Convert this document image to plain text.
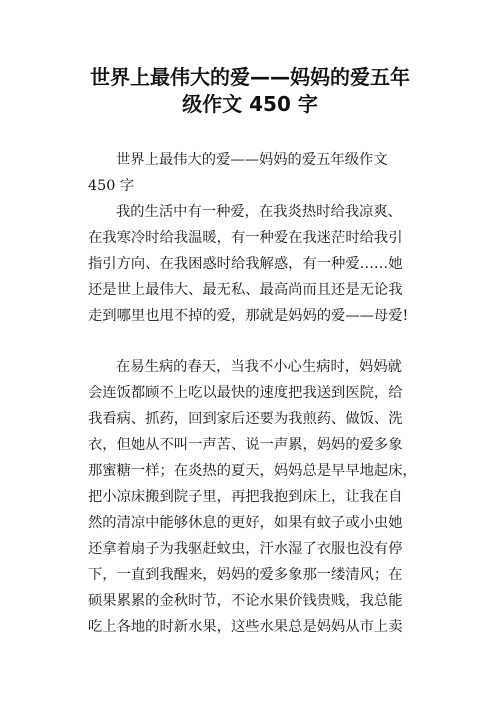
世界上最伟大的爱——妈妈的爱五年
级作文 450 字
世界上最伟大的爱——妈妈的爱五年级作文
450 字
我的生活中有一种爱，在我炎热时给我凉爽、
在我寒冷时给我温暖，有一种爱在我迷茫时给我引
指引方向、在我困惑时给我解惑，有一种爱……她
还是世上最伟大、最无私、最高尚而且还是无论我
走到哪里也甩不掉的爱，那就是妈妈的爱——母爱!
在易生病的春天，当我不小心生病时，妈妈就
会连饭都顾不上吃以最快的速度把我送到医院，给
我看病、抓药，回到家后还要为我煎药、做饭、洗
衣，但她从不叫一声苦、说一声累，妈妈的爱多象
那蜜糖一样；在炎热的夏天，妈妈总是早早地起床，
把小凉床搬到院子里，再把我抱到床上，让我在自
然的清凉中能够休息的更好，如果有蚊子或小虫她
还拿着扇子为我驱赶蚊虫，汗水湿了衣服也没有停
下，一直到我醒来，妈妈的爱多象那一缕清风；在
硕果累累的金秋时节，不论水果价钱贵贱，我总能
吃上各地的时新水果，这些水果总是妈妈从市上卖
